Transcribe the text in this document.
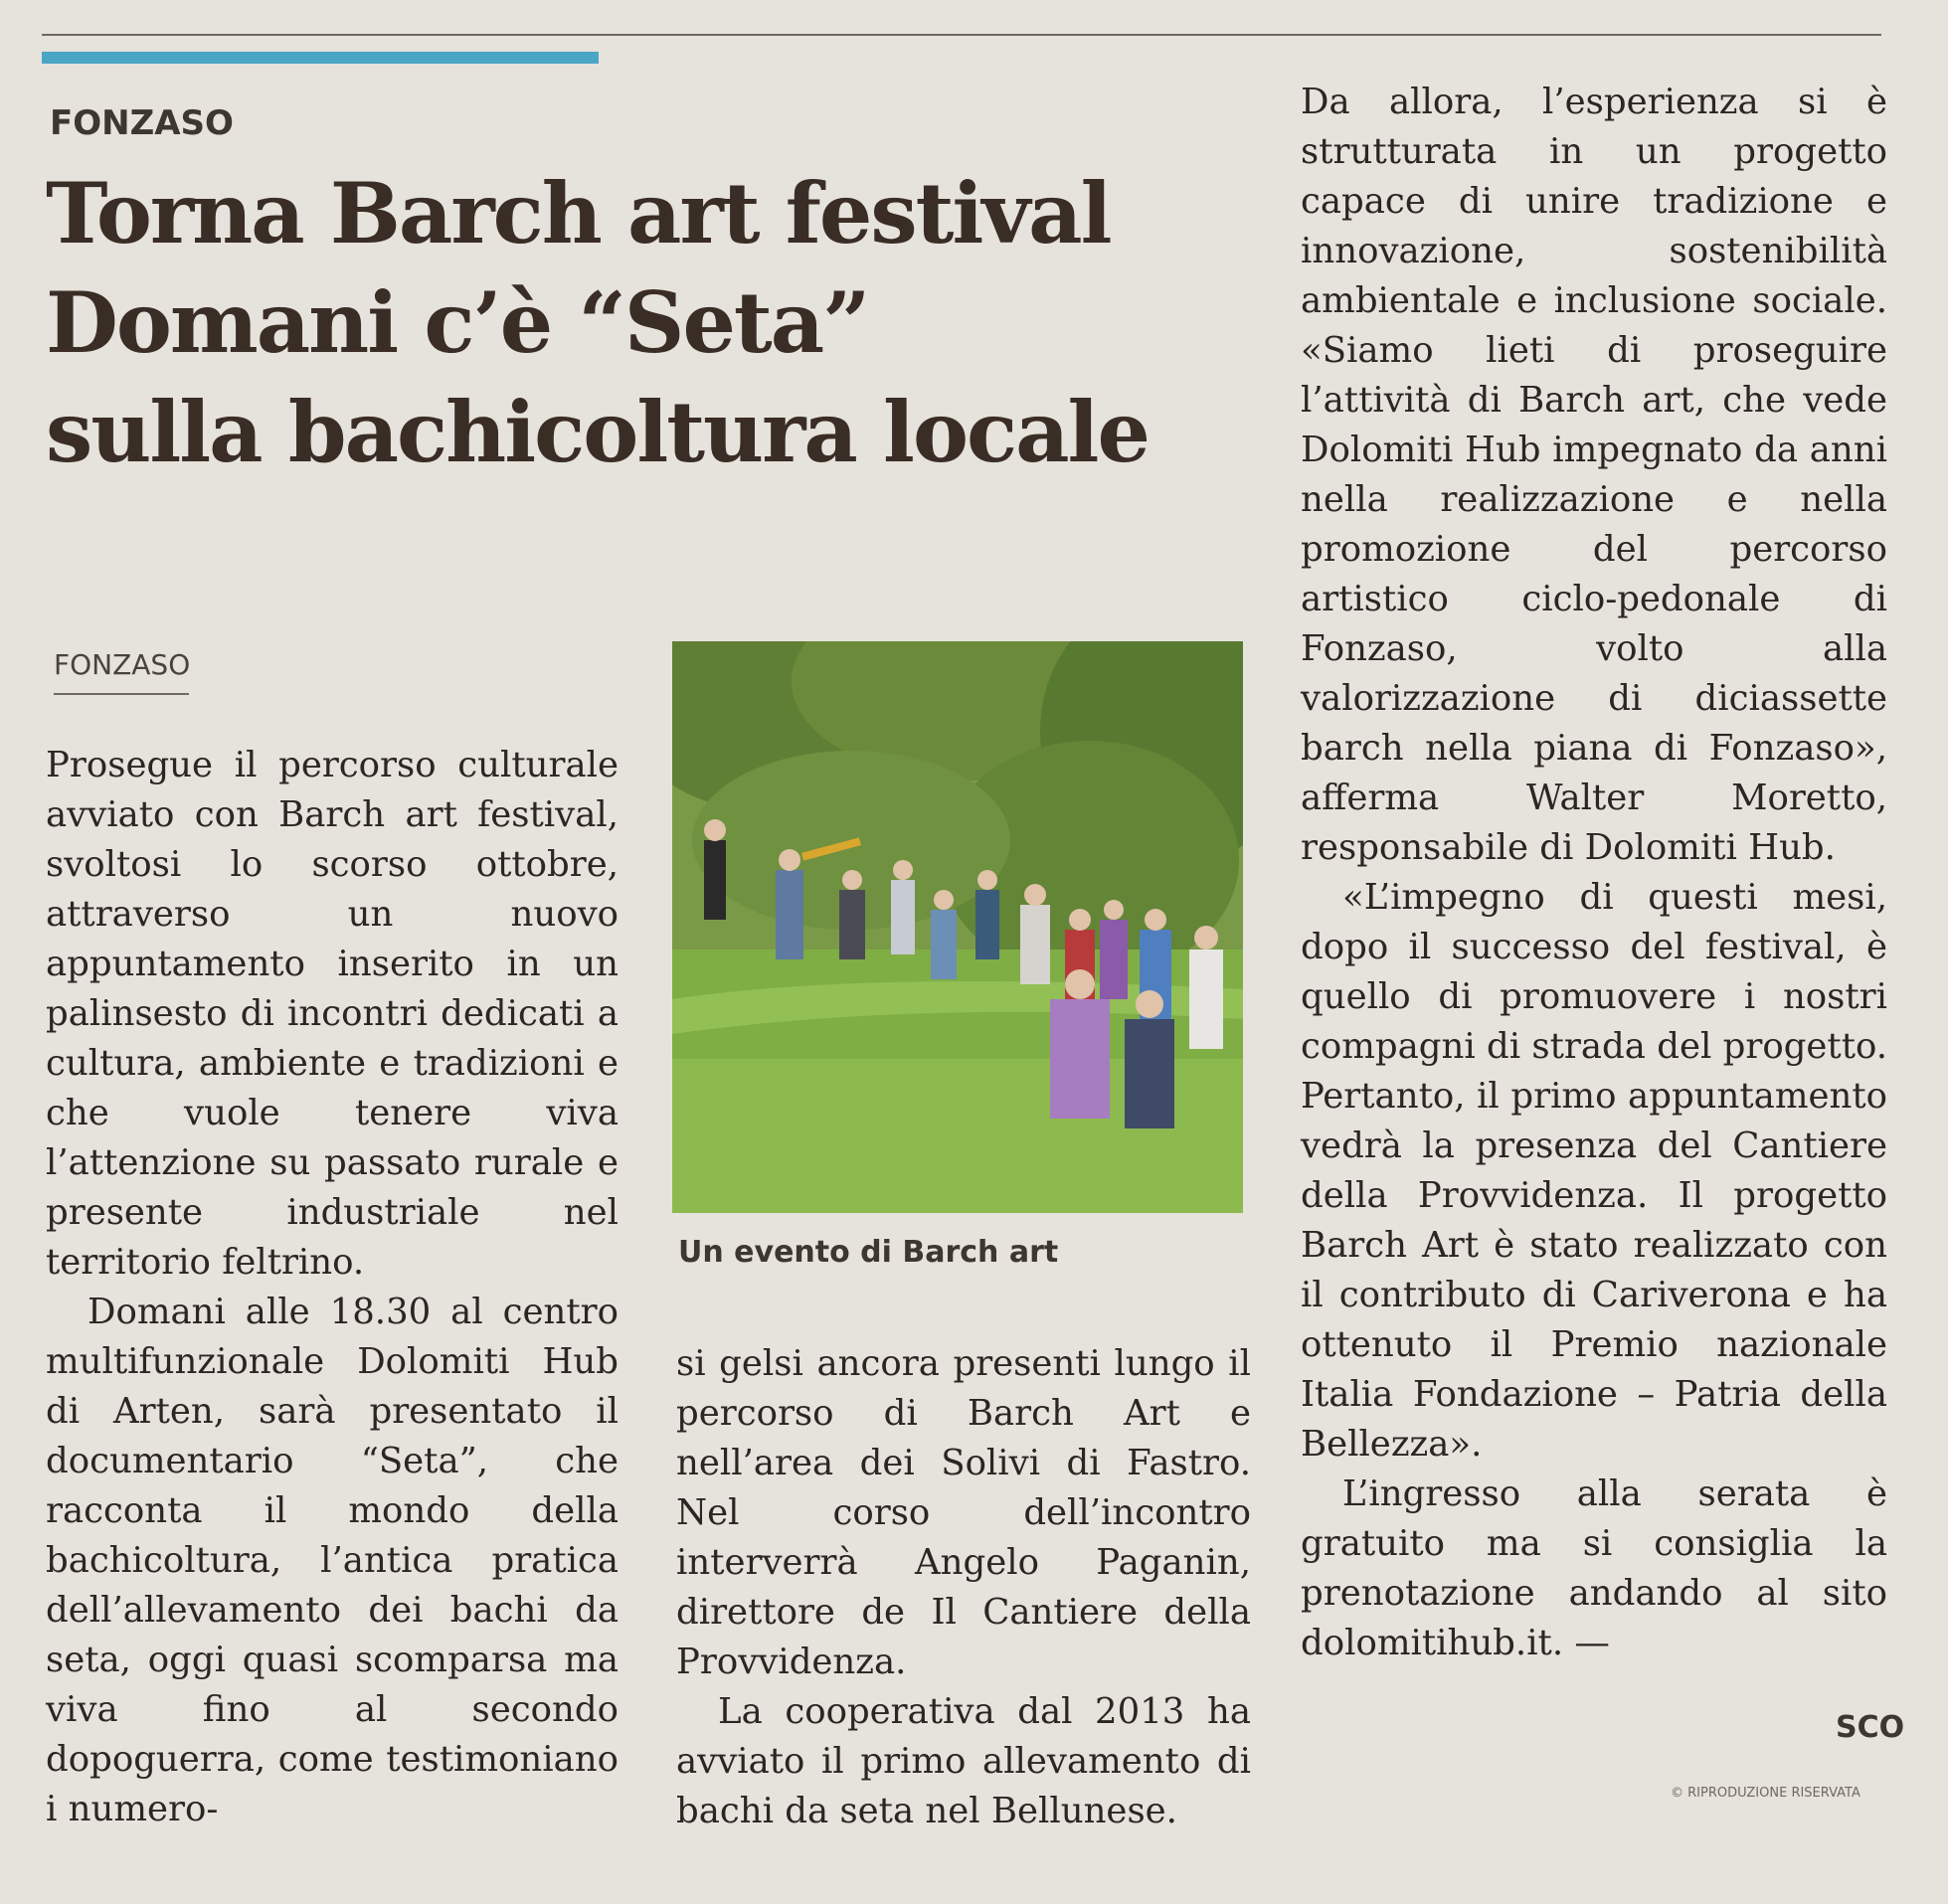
FONZASO
Torna Barch art festival
Domani c’è “Seta”
sulla bachicoltura locale
FONZASO

Prosegue il percorso culturale avviato con Barch art festival, svoltosi lo scorso ottobre, attraverso un nuovo appuntamento inserito in un palinsesto di incontri dedicati a cultura, ambiente e tradizioni e che vuole tenere viva l’attenzione su passato rurale e presente industriale nel territorio feltrino.

Domani alle 18.30 al centro multifunzionale Dolomiti Hub di Arten, sarà presentato il documentario “Seta”, che racconta il mondo della bachicoltura, l’antica pratica dell’allevamento dei bachi da seta, oggi quasi scomparsa ma viva fino al secondo dopoguerra, come testimoniano i numero-

Un evento di Barch art

si gelsi ancora presenti lungo il percorso di Barch Art e nell’area dei Solivi di Fastro. Nel corso dell’incontro interverrà Angelo Paganin, direttore de Il Cantiere della Provvidenza.

La cooperativa dal 2013 ha avviato il primo allevamento di bachi da seta nel Bellunese.

Da allora, l’esperienza si è strutturata in un progetto capace di unire tradizione e innovazione, sostenibilità ambientale e inclusione sociale. «Siamo lieti di proseguire l’attività di Barch art, che vede Dolomiti Hub impegnato da anni nella realizzazione e nella promozione del percorso artistico ciclo-pedonale di Fonzaso, volto alla valorizzazione di diciassette barch nella piana di Fonzaso», afferma Walter Moretto, responsabile di Dolomiti Hub.

«L’impegno di questi mesi, dopo il successo del festival, è quello di promuovere i nostri compagni di strada del progetto. Pertanto, il primo appuntamento vedrà la presenza del Cantiere della Provvidenza. Il progetto Barch Art è stato realizzato con il contributo di Cariverona e ha ottenuto il Premio nazionale Italia Fondazione – Patria della Bellezza».

L’ingresso alla serata è gratuito ma si consiglia la prenotazione andando al sito dolomitihub.it. —

SCO
© RIPRODUZIONE RISERVATA
